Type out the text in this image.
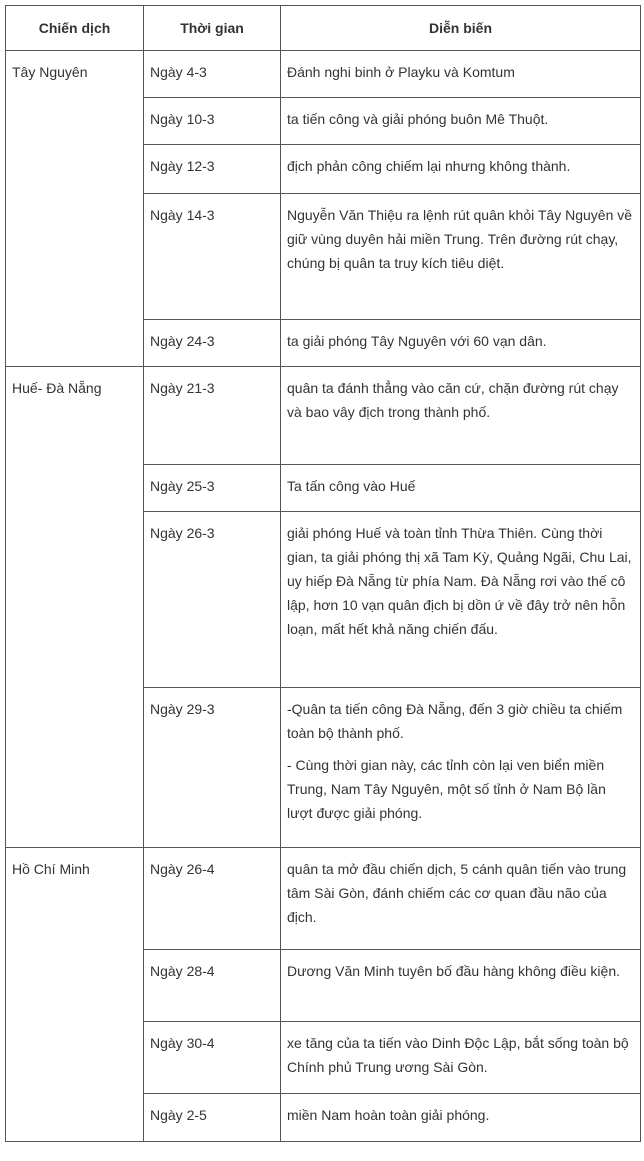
Chiến dịch	Thời gian	Diễn biến
Tây Nguyên	Ngày 4-3	Đánh nghi binh ở Playku và Komtum

	Ngày 10-3	ta tiến công và giải phóng buôn Mê Thuột.

	Ngày 12-3	địch phản công chiếm lại nhưng không thành.

	Ngày 14-3	Nguyễn Văn Thiệu ra lệnh rút quân khỏi Tây Nguyên về giữ vùng duyên hải miền Trung. Trên đường rút chạy, chúng bị quân ta truy kích tiêu diệt.

	Ngày 24-3	ta giải phóng Tây Nguyên với 60 vạn dân.

Huế- Đà Nẵng	Ngày 21-3	quân ta đánh thẳng vào căn cứ, chặn đường rút chạy và bao vây địch trong thành phố.

	Ngày 25-3	Ta tấn công vào Huế

	Ngày 26-3	giải phóng Huế và toàn tỉnh Thừa Thiên. Cùng thời gian, ta giải phóng thị xã Tam Kỳ, Quảng Ngãi, Chu Lai, uy hiếp Đà Nẵng từ phía Nam. Đà Nẵng rơi vào thế cô lập, hơn 10 vạn quân địch bị dồn ứ về đây trở nên hỗn loạn, mất hết khả năng chiến đấu.

	Ngày 29-3	-Quân ta tiến công Đà Nẵng, đến 3 giờ chiều ta chiếm toàn bộ thành phố.

- Cùng thời gian này, các tỉnh còn lại ven biển miền Trung, Nam Tây Nguyên, một số tỉnh ở Nam Bộ lần lượt được giải phóng.

Hồ Chí Minh	Ngày 26-4	quân ta mở đầu chiến dịch, 5 cánh quân tiến vào trung tâm Sài Gòn, đánh chiếm các cơ quan đầu não của địch.

	Ngày 28-4	Dương Văn Minh tuyên bố đầu hàng không điều kiện.

	Ngày 30-4	xe tăng của ta tiến vào Dinh Độc Lập, bắt sống toàn bộ Chính phủ Trung ương Sài Gòn.

	Ngày 2-5	miền Nam hoàn toàn giải phóng.
